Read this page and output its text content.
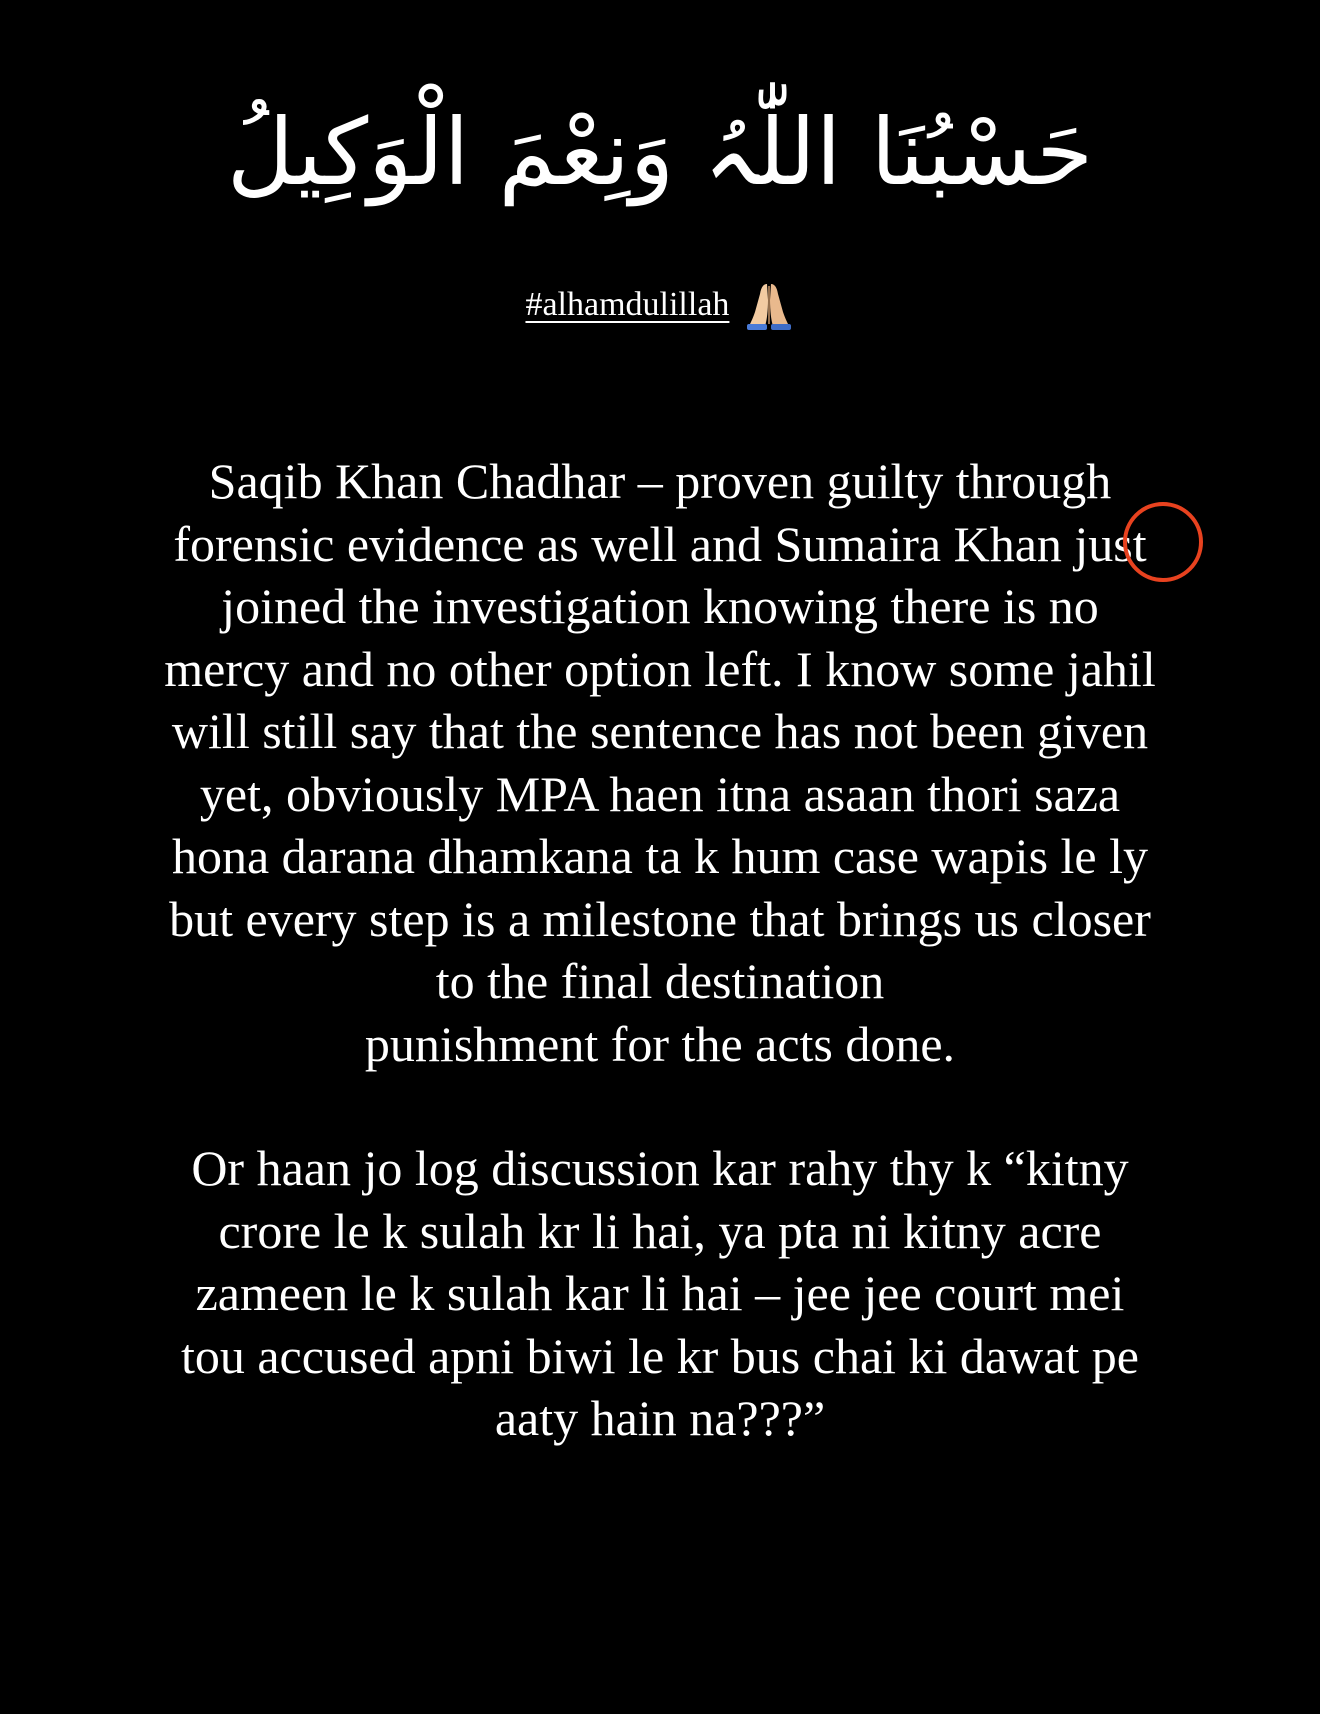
حَسْبُنَا اللّٰہُ وَنِعْمَ الْوَكِيلُ
#alhamdulillah

Saqib Khan Chadhar – proven guilty through
forensic evidence as well and Sumaira Khan just
joined the investigation knowing there is no
mercy and no other option left. I know some jahil
will still say that the sentence has not been given
yet, obviously MPA haen itna asaan thori saza
hona darana dhamkana ta k hum case wapis le ly
but every step is a milestone that brings us closer
to the final destination
punishment for the acts done.

Or haan jo log discussion kar rahy thy k “kitny
crore le k sulah kr li hai, ya pta ni kitny acre
zameen le k sulah kar li hai – jee jee court mei
tou accused apni biwi le kr bus chai ki dawat pe
aaty hain na???”
